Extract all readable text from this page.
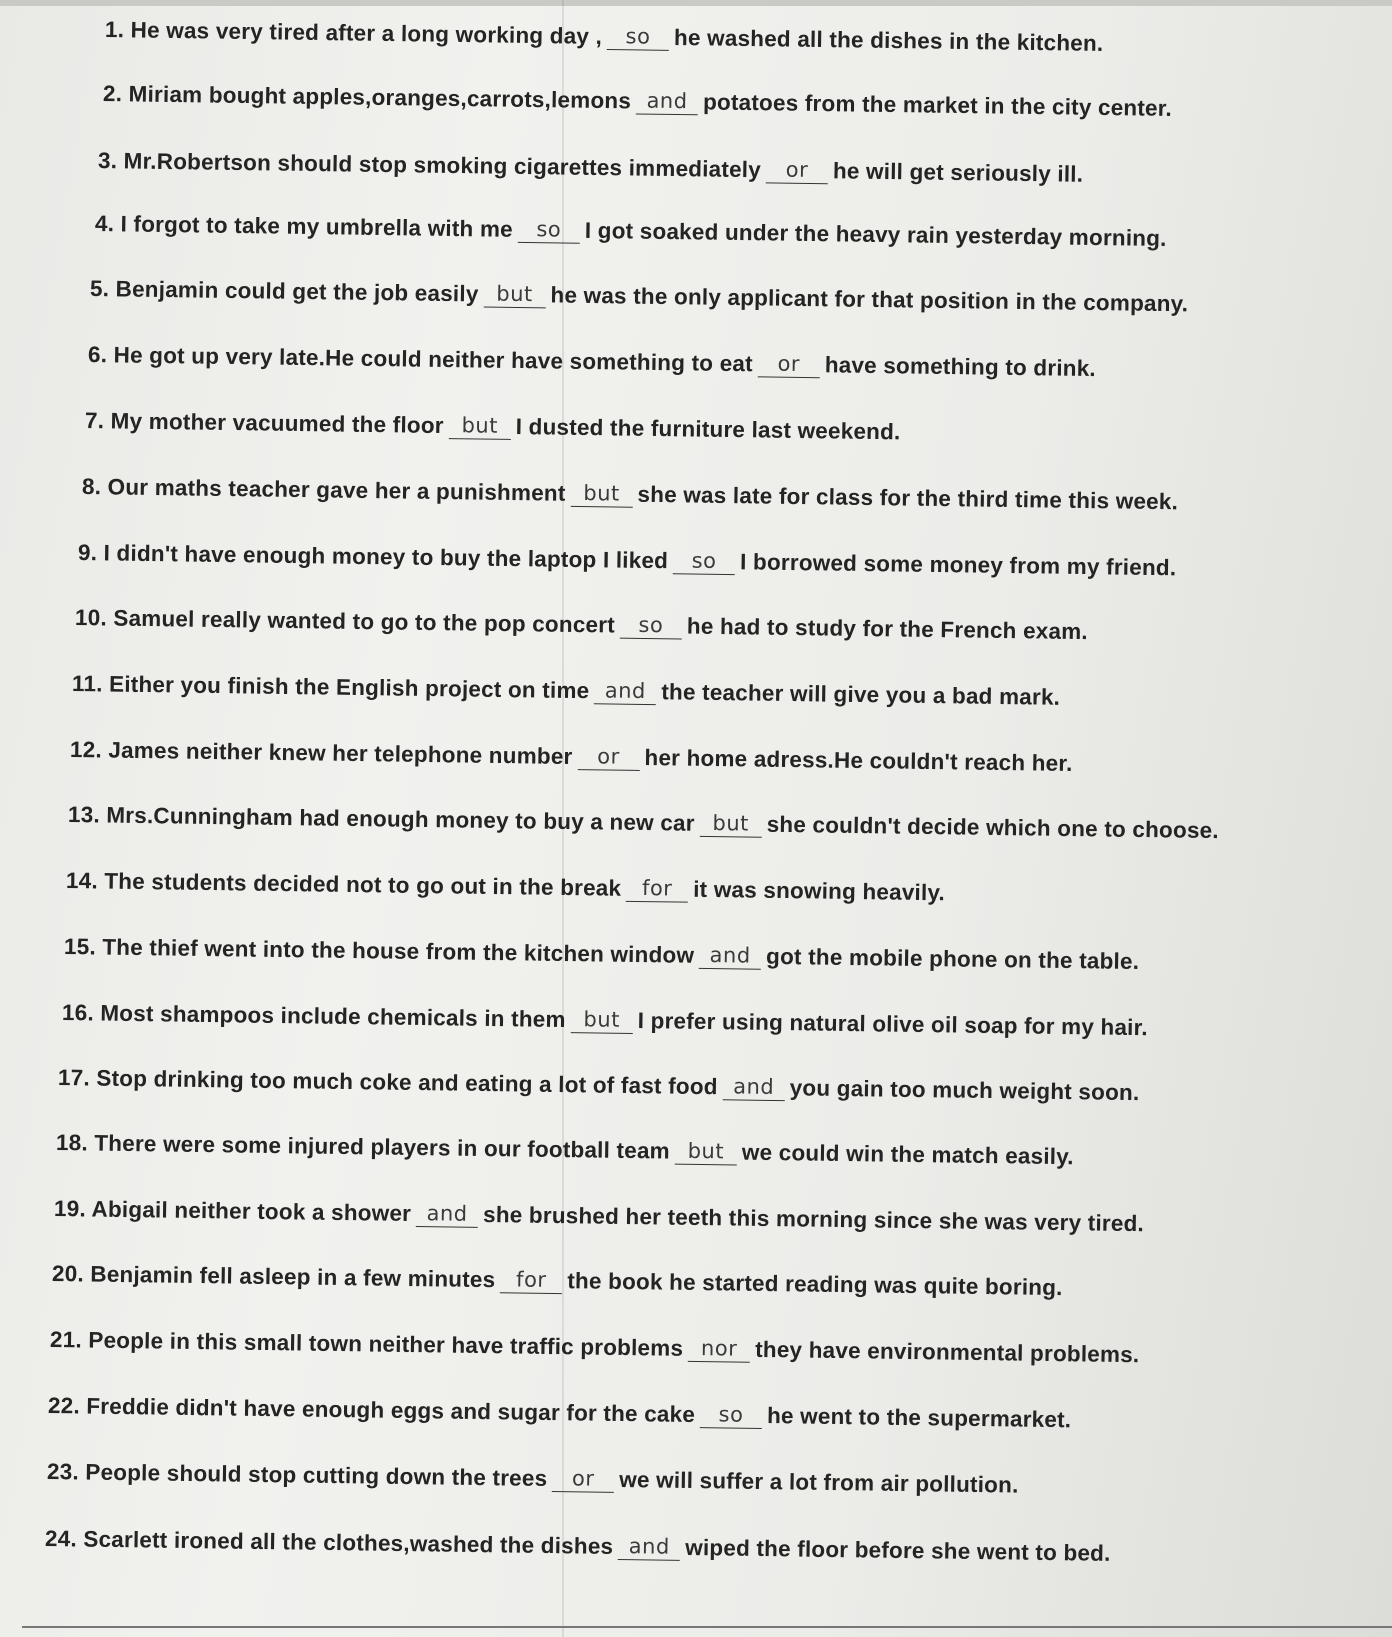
1. He was very tired after a long working day ,	so	he washed all the dishes in the kitchen.
2. Miriam bought apples,oranges,carrots,lemons and potatoes from the market in the city center.
3. Mr.Robertson should stop smoking cigarettes immediately	or	he will get seriously ill.
4. I forgot to take my umbrella with me	so	I got soaked under the heavy rain yesterday morning.
5. Benjamin could get the job easily but he was the only applicant for that position in the company.
6. He got up very late.He could neither have something to eat	or	have something to drink.
7. My mother vacuumed the floor but I dusted the furniture last weekend.
8. Our maths teacher gave her a punishment but she was late for class for the third time this week.
9. I didn't have enough money to buy the laptop I liked	so	I borrowed some money from my friend.
10. Samuel really wanted to go to the pop concert	so	he had to study for the French exam.
11. Either you finish the English project on time and the teacher will give you a bad mark.
12. James neither knew her telephone number	or	her home adress.He couldn't reach her.
13. Mrs.Cunningham had enough money to buy a new car but she couldn't decide which one to choose.
14. The students decided not to go out in the break for it was snowing heavily.
15. The thief went into the house from the kitchen window and got the mobile phone on the table.
16. Most shampoos include chemicals in them but I prefer using natural olive oil soap for my hair.
17. Stop drinking too much coke and eating a lot of fast food and you gain too much weight soon.
18. There were some injured players in our football team but we could win the match easily.
19. Abigail neither took a shower and she brushed her teeth this morning since she was very tired.
20. Benjamin fell asleep in a few minutes for the book he started reading was quite boring.
21. People in this small town neither have traffic problems nor they have environmental problems.
22. Freddie didn't have enough eggs and sugar for the cake	so	he went to the supermarket.
23. People should stop cutting down the trees	or	we will suffer a lot from air pollution.
24. Scarlett ironed all the clothes,washed the dishes and wiped the floor before she went to bed.
